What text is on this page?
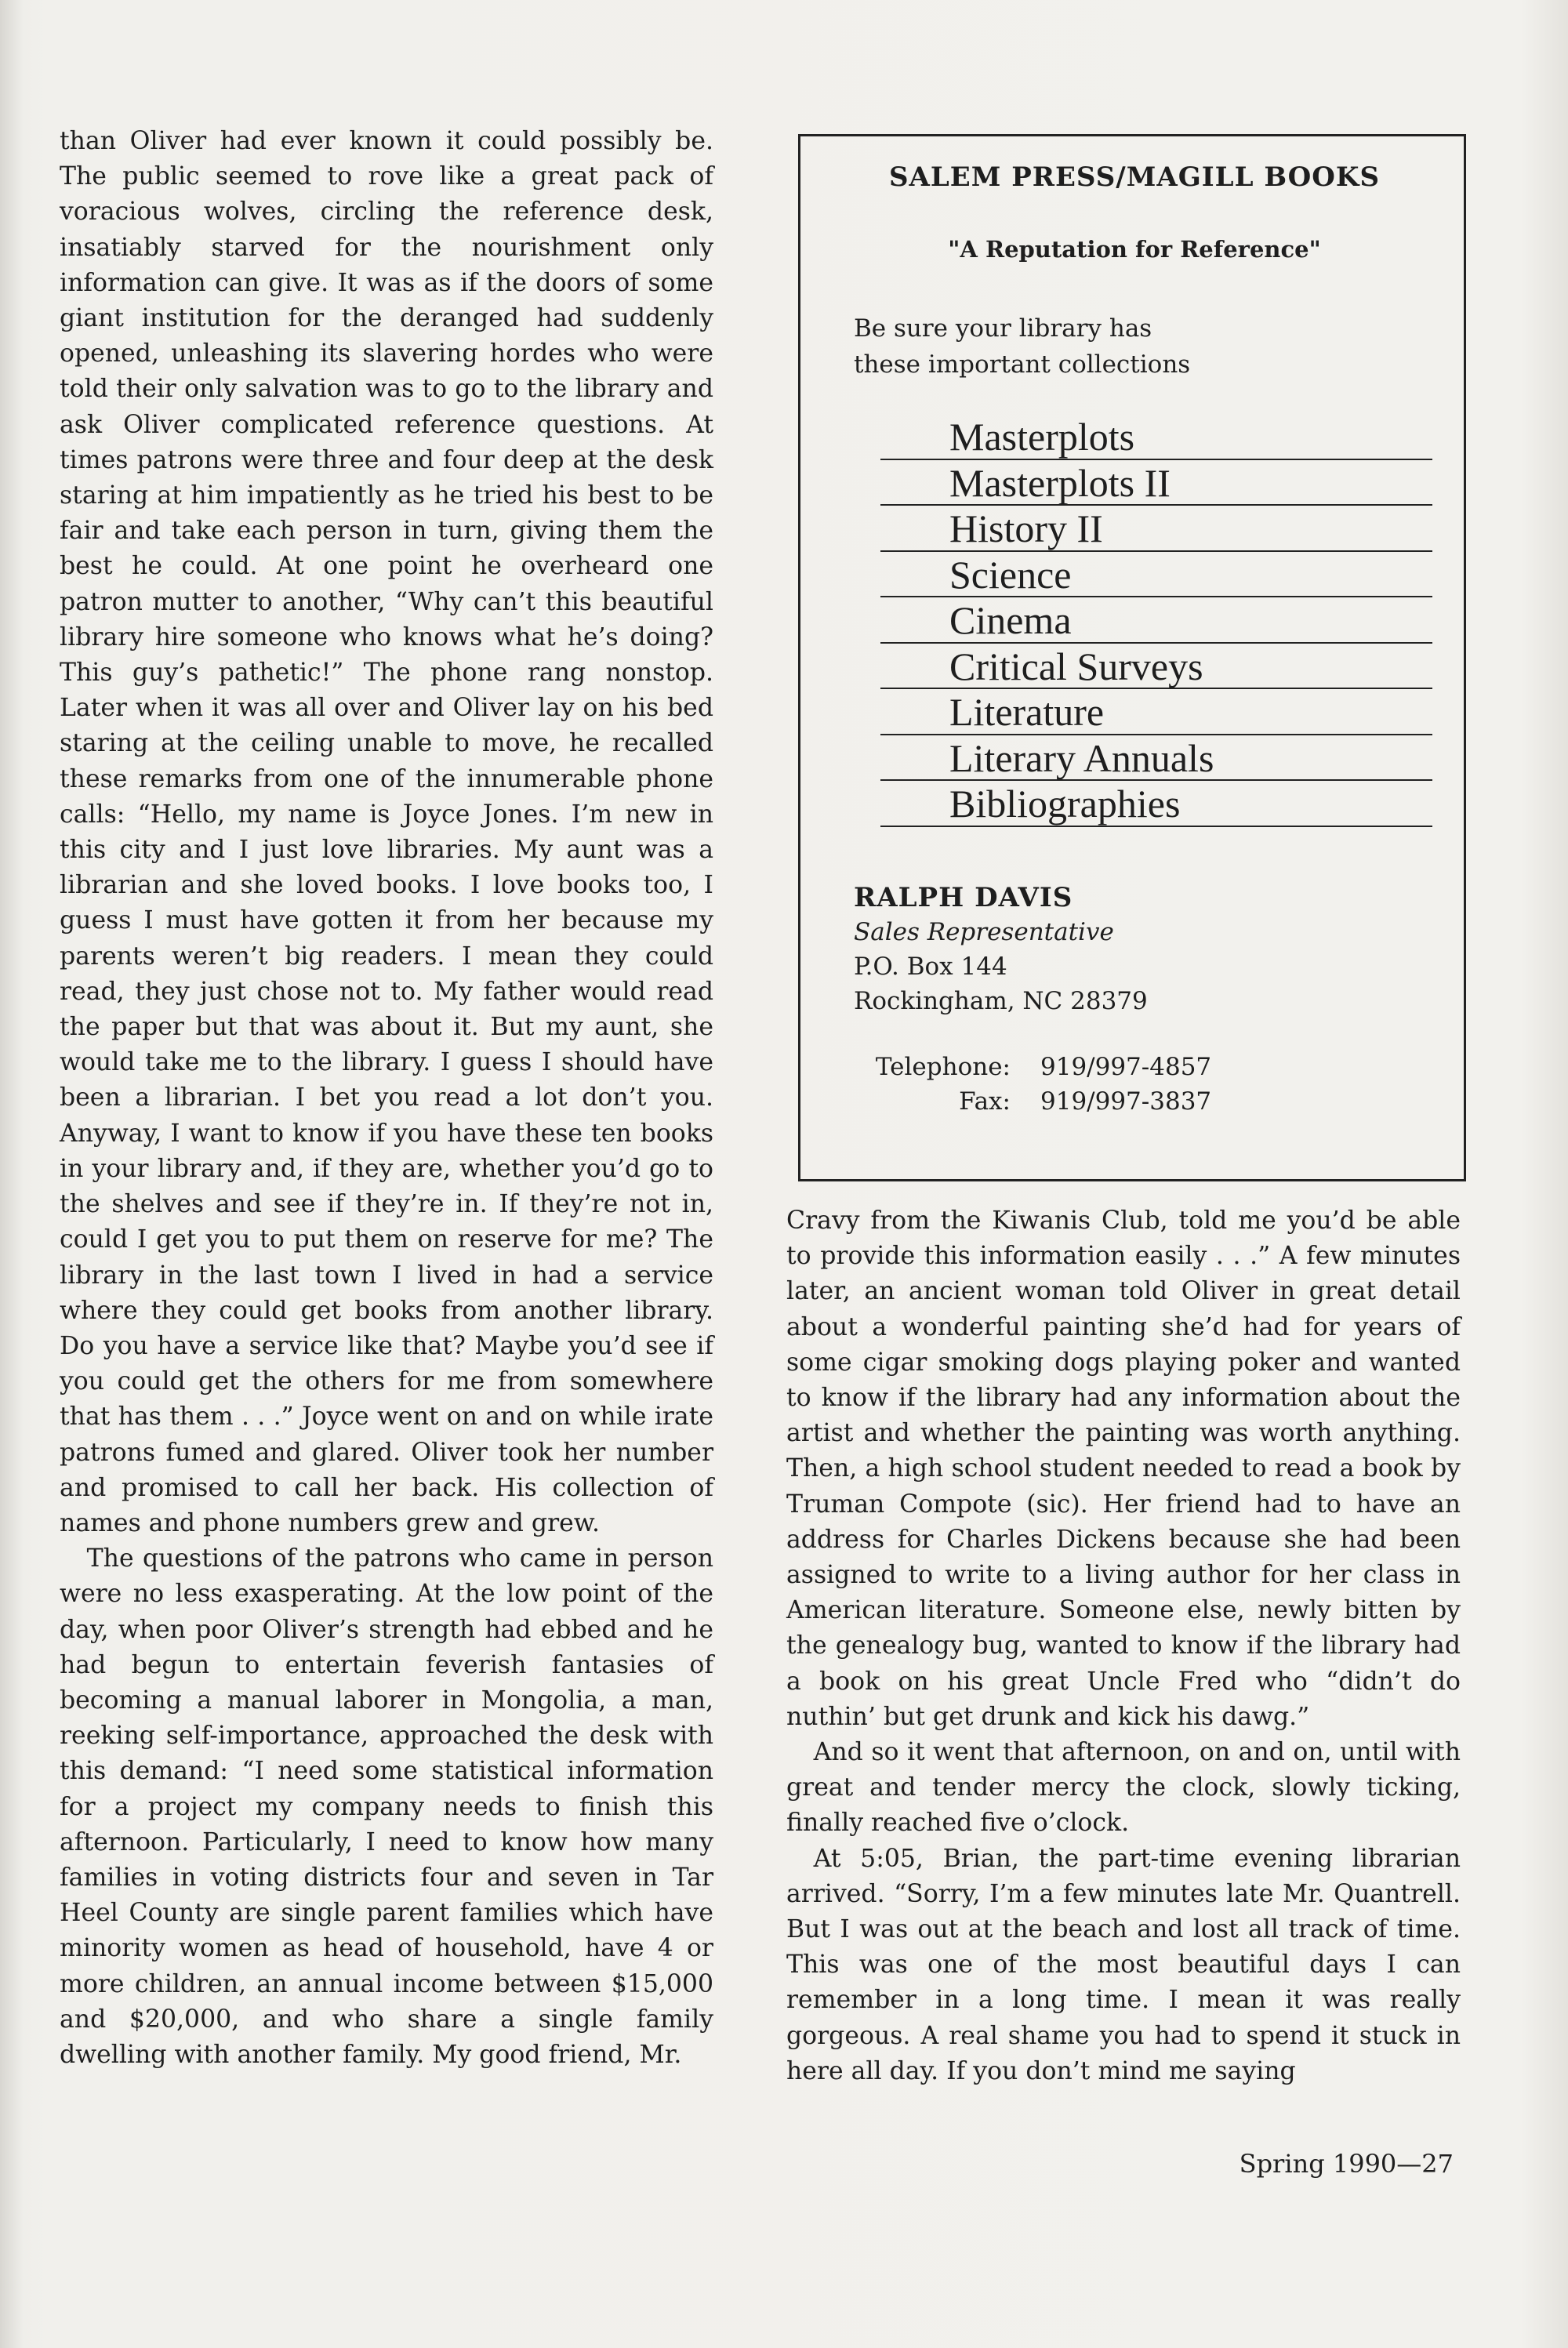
than Oliver had ever known it could possibly be. The public seemed to rove like a great pack of voracious wolves, circling the reference desk, insatiably starved for the nourishment only information can give. It was as if the doors of some giant institution for the deranged had suddenly opened, unleashing its slavering hordes who were told their only salvation was to go to the library and ask Oliver complicated reference questions. At times patrons were three and four deep at the desk staring at him impatiently as he tried his best to be fair and take each person in turn, giving them the best he could. At one point he overheard one patron mutter to another, “Why can’t this beautiful library hire someone who knows what he’s doing? This guy’s pathetic!” The phone rang nonstop. Later when it was all over and Oliver lay on his bed staring at the ceiling unable to move, he recalled these remarks from one of the innumerable phone calls: “Hello, my name is Joyce Jones. I’m new in this city and I just love libraries. My aunt was a librarian and she loved books. I love books too, I guess I must have gotten it from her because my parents weren’t big readers. I mean they could read, they just chose not to. My father would read the paper but that was about it. But my aunt, she would take me to the library. I guess I should have been a librarian. I bet you read a lot don’t you. Anyway, I want to know if you have these ten books in your library and, if they are, whether you’d go to the shelves and see if they’re in. If they’re not in, could I get you to put them on reserve for me? The library in the last town I lived in had a service where they could get books from another library. Do you have a service like that? Maybe you’d see if you could get the others for me from somewhere that has them . . .” Joyce went on and on while irate patrons fumed and glared. Oliver took her number and promised to call her back. His collection of names and phone numbers grew and grew.

The questions of the patrons who came in person were no less exasperating. At the low point of the day, when poor Oliver’s strength had ebbed and he had begun to entertain feverish fantasies of becoming a manual laborer in Mongolia, a man, reeking self-importance, approached the desk with this demand: “I need some statistical information for a project my company needs to finish this afternoon. Particularly, I need to know how many families in voting districts four and seven in Tar Heel County are single parent families which have minority women as head of household, have 4 or more children, an annual income between $15,000 and $20,000, and who share a single family dwelling with another family. My good friend, Mr.

SALEM PRESS/MAGILL BOOKS
"A Reputation for Reference"
Be sure your library has
these important collections
Masterplots
Masterplots II
History II
Science
Cinema
Critical Surveys
Literature
Literary Annuals
Bibliographies
RALPH DAVIS
Sales Representative
P.O. Box 144
Rockingham, NC 28379
Telephone: 919/997-4857
Fax: 919/997-3837

Cravy from the Kiwanis Club, told me you’d be able to provide this information easily . . .” A few minutes later, an ancient woman told Oliver in great detail about a wonderful painting she’d had for years of some cigar smoking dogs playing poker and wanted to know if the library had any information about the artist and whether the painting was worth anything. Then, a high school student needed to read a book by Truman Compote (sic). Her friend had to have an address for Charles Dickens because she had been assigned to write to a living author for her class in American literature. Someone else, newly bitten by the genealogy bug, wanted to know if the library had a book on his great Uncle Fred who “didn’t do nuthin’ but get drunk and kick his dawg.”

And so it went that afternoon, on and on, until with great and tender mercy the clock, slowly ticking, finally reached five o’clock.

At 5:05, Brian, the part-time evening librarian arrived. “Sorry, I’m a few minutes late Mr. Quantrell. But I was out at the beach and lost all track of time. This was one of the most beautiful days I can remember in a long time. I mean it was really gorgeous. A real shame you had to spend it stuck in here all day. If you don’t mind me saying

Spring 1990—27
